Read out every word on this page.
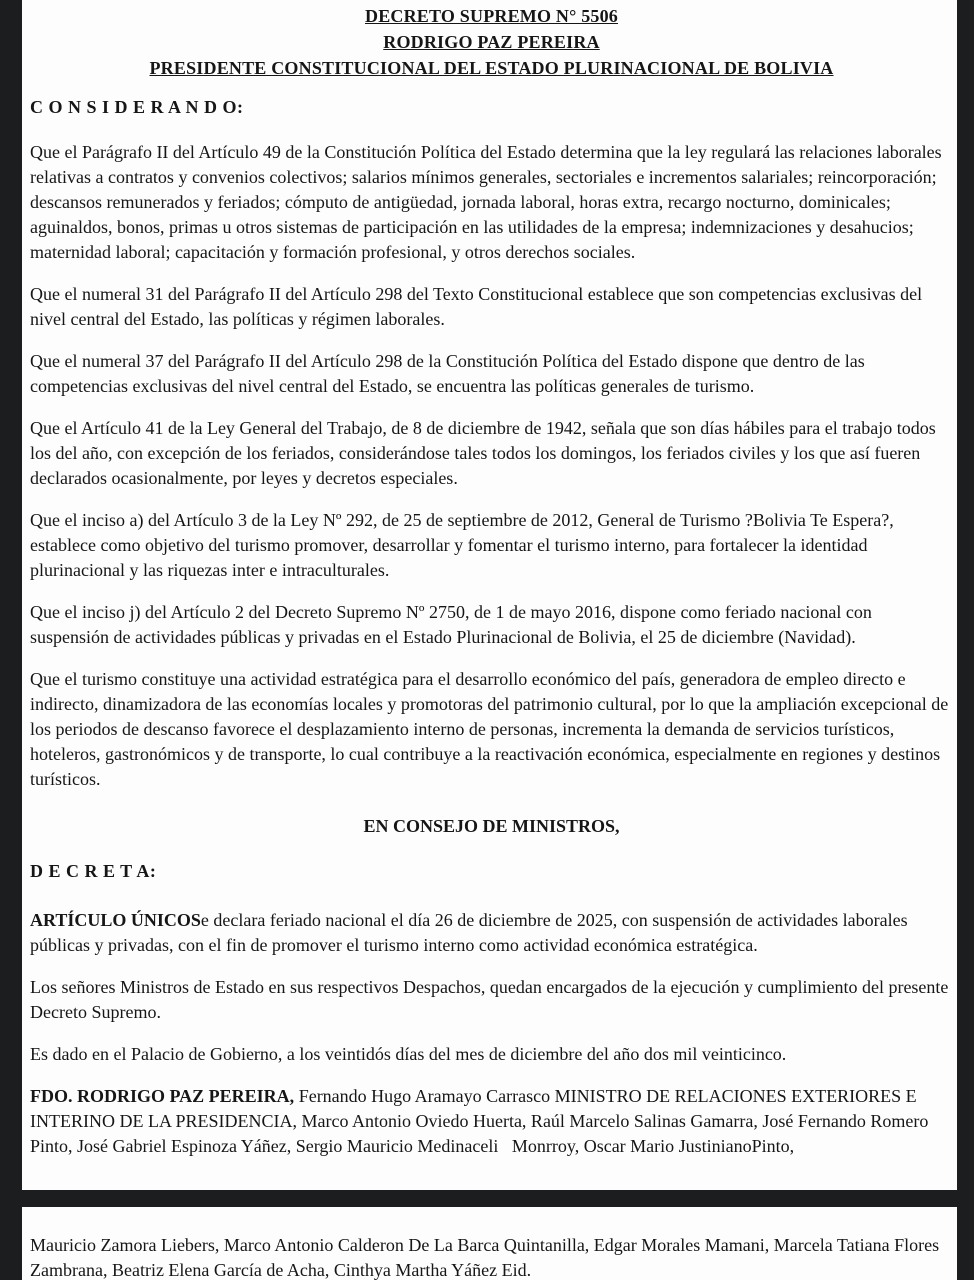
DECRETO SUPREMO N° 5506
RODRIGO PAZ PEREIRA
PRESIDENTE CONSTITUCIONAL DEL ESTADO PLURINACIONAL DE BOLIVIA
C O N S I D E R A N D O:

Que el Parágrafo II del Artículo 49 de la Constitución Política del Estado determina que la ley regulará las relaciones laborales relativas a contratos y convenios colectivos; salarios mínimos generales, sectoriales e incrementos salariales; reincorporación; descansos remunerados y feriados; cómputo de antigüedad, jornada laboral, horas extra, recargo nocturno, dominicales; aguinaldos, bonos, primas u otros sistemas de participación en las utilidades de la empresa; indemnizaciones y desahucios; maternidad laboral; capacitación y formación profesional, y otros derechos sociales.

Que el numeral 31 del Parágrafo II del Artículo 298 del Texto Constitucional establece que son competencias exclusivas del nivel central del Estado, las políticas y régimen laborales.

Que el numeral 37 del Parágrafo II del Artículo 298 de la Constitución Política del Estado dispone que dentro de las competencias exclusivas del nivel central del Estado, se encuentra las políticas generales de turismo.

Que el Artículo 41 de la Ley General del Trabajo, de 8 de diciembre de 1942, señala que son días hábiles para el trabajo todos los del año, con excepción de los feriados, considerándose tales todos los domingos, los feriados civiles y los que así fueren declarados ocasionalmente, por leyes y decretos especiales.

Que el inciso a) del Artículo 3 de la Ley Nº 292, de 25 de septiembre de 2012, General de Turismo ?Bolivia Te Espera?, establece como objetivo del turismo promover, desarrollar y fomentar el turismo interno, para fortalecer la identidad plurinacional y las riquezas inter e intraculturales.

Que el inciso j) del Artículo 2 del Decreto Supremo Nº 2750, de 1 de mayo 2016, dispone como feriado nacional con suspensión de actividades públicas y privadas en el Estado Plurinacional de Bolivia, el 25 de diciembre (Navidad).

Que el turismo constituye una actividad estratégica para el desarrollo económico del país, generadora de empleo directo e indirecto, dinamizadora de las economías locales y promotoras del patrimonio cultural, por lo que la ampliación excepcional de los periodos de descanso favorece el desplazamiento interno de personas, incrementa la demanda de servicios turísticos, hoteleros, gastronómicos y de transporte, lo cual contribuye a la reactivación económica, especialmente en regiones y destinos turísticos.

EN CONSEJO DE MINISTROS,
D E C R E T A:

ARTÍCULO ÚNICOSe declara feriado nacional el día 26 de diciembre de 2025, con suspensión de actividades laborales públicas y privadas, con el fin de promover el turismo interno como actividad económica estratégica.

Los señores Ministros de Estado en sus respectivos Despachos, quedan encargados de la ejecución y cumplimiento del presente Decreto Supremo.

Es dado en el Palacio de Gobierno, a los veintidós días del mes de diciembre del año dos mil veinticinco.

FDO. RODRIGO PAZ PEREIRA, Fernando Hugo Aramayo Carrasco MINISTRO DE RELACIONES EXTERIORES E INTERINO DE LA PRESIDENCIA, Marco Antonio Oviedo Huerta, Raúl Marcelo Salinas Gamarra, José Fernando Romero Pinto, José Gabriel Espinoza Yáñez, Sergio Mauricio Medinaceli   Monrroy, Oscar Mario JustinianoPinto,

Mauricio Zamora Liebers, Marco Antonio Calderon De La Barca Quintanilla, Edgar Morales Mamani, Marcela Tatiana Flores Zambrana, Beatriz Elena García de Acha, Cinthya Martha Yáñez Eid.
